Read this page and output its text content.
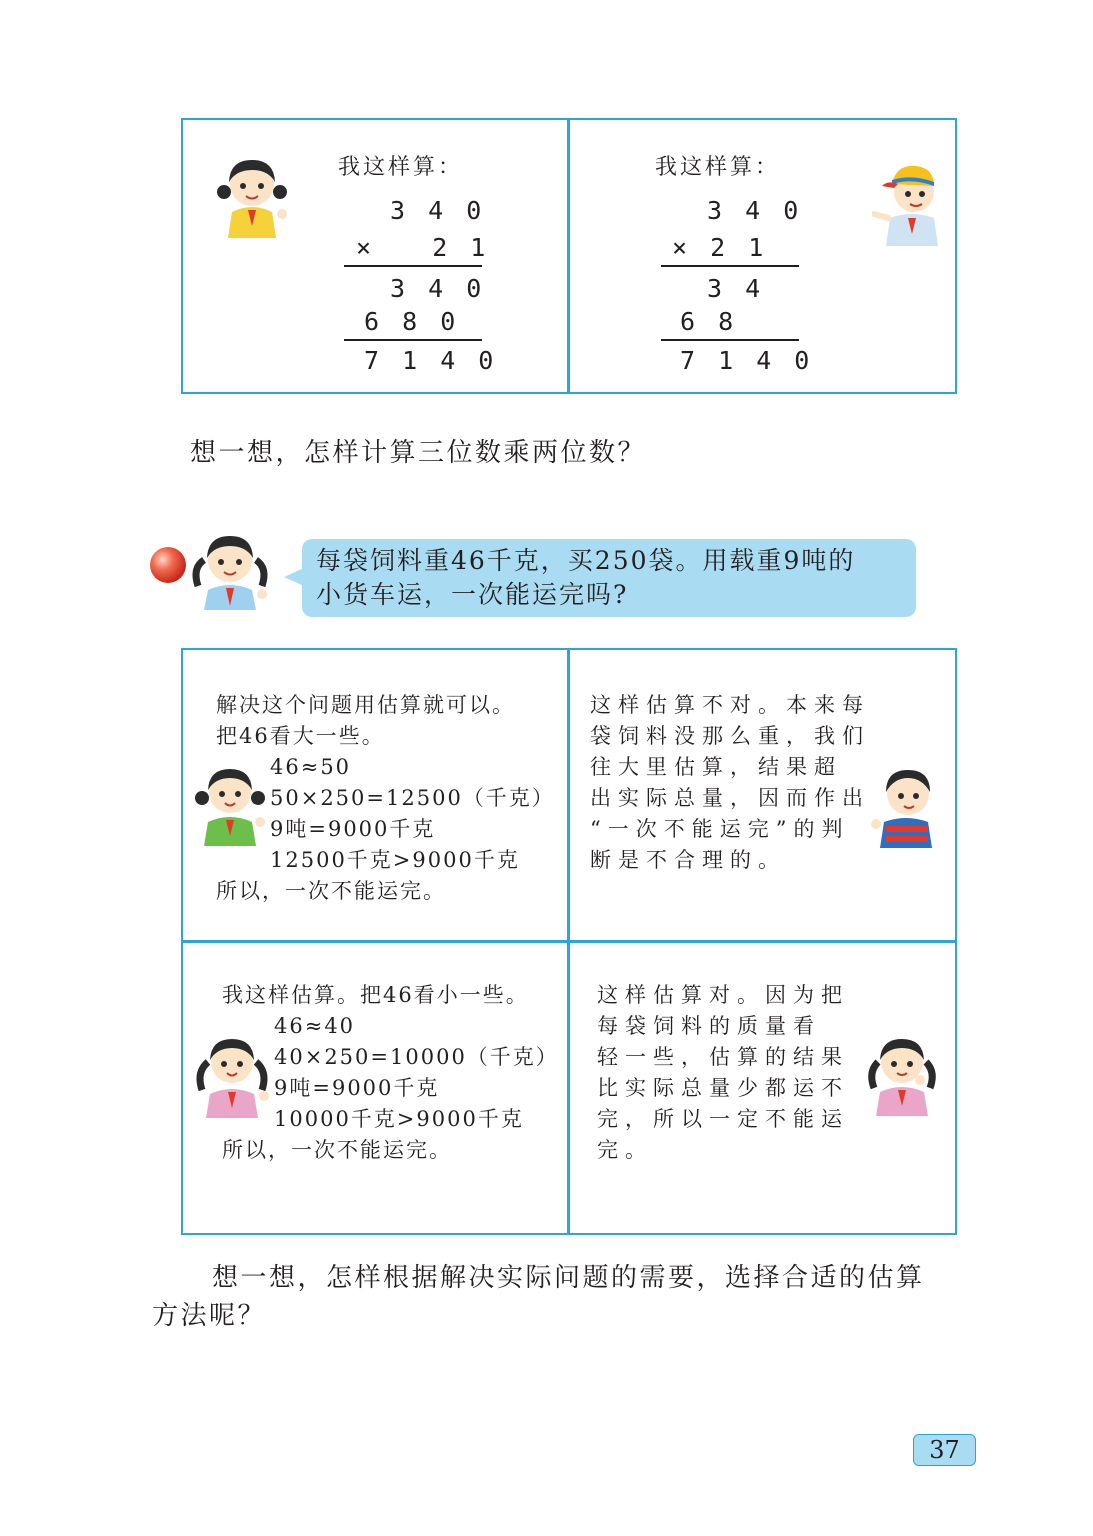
我这样算：
3 4 0
×   2 1
3 4 0
6 8 0
7 1 4 0
我这样算：
3 4 0
× 2 1
3 4
6 8
7 1 4 0
想一想，怎样计算三位数乘两位数？
每袋饲料重46千克，买250袋。用载重9吨的
小货车运，一次能运完吗?
解决这个问题用估算就可以。
把46看大一些。
46≈50
50×250=12500（千克）
9吨=9000千克
12500千克>9000千克
所以，一次不能运完。
这样估算不对。本来每
袋饲料没那么重，我们
往大里估算，结果超
出实际总量，因而作出
“一次不能运完”的判
断是不合理的。
我这样估算。把46看小一些。
46≈40
40×250=10000（千克）
9吨=9000千克
10000千克>9000千克
所以，一次不能运完。
这样估算对。因为把
每袋饲料的质量看
轻一些，估算的结果
比实际总量少都运不
完，所以一定不能运
完。
想一想，怎样根据解决实际问题的需要，选择合适的估算
方法呢？
37
